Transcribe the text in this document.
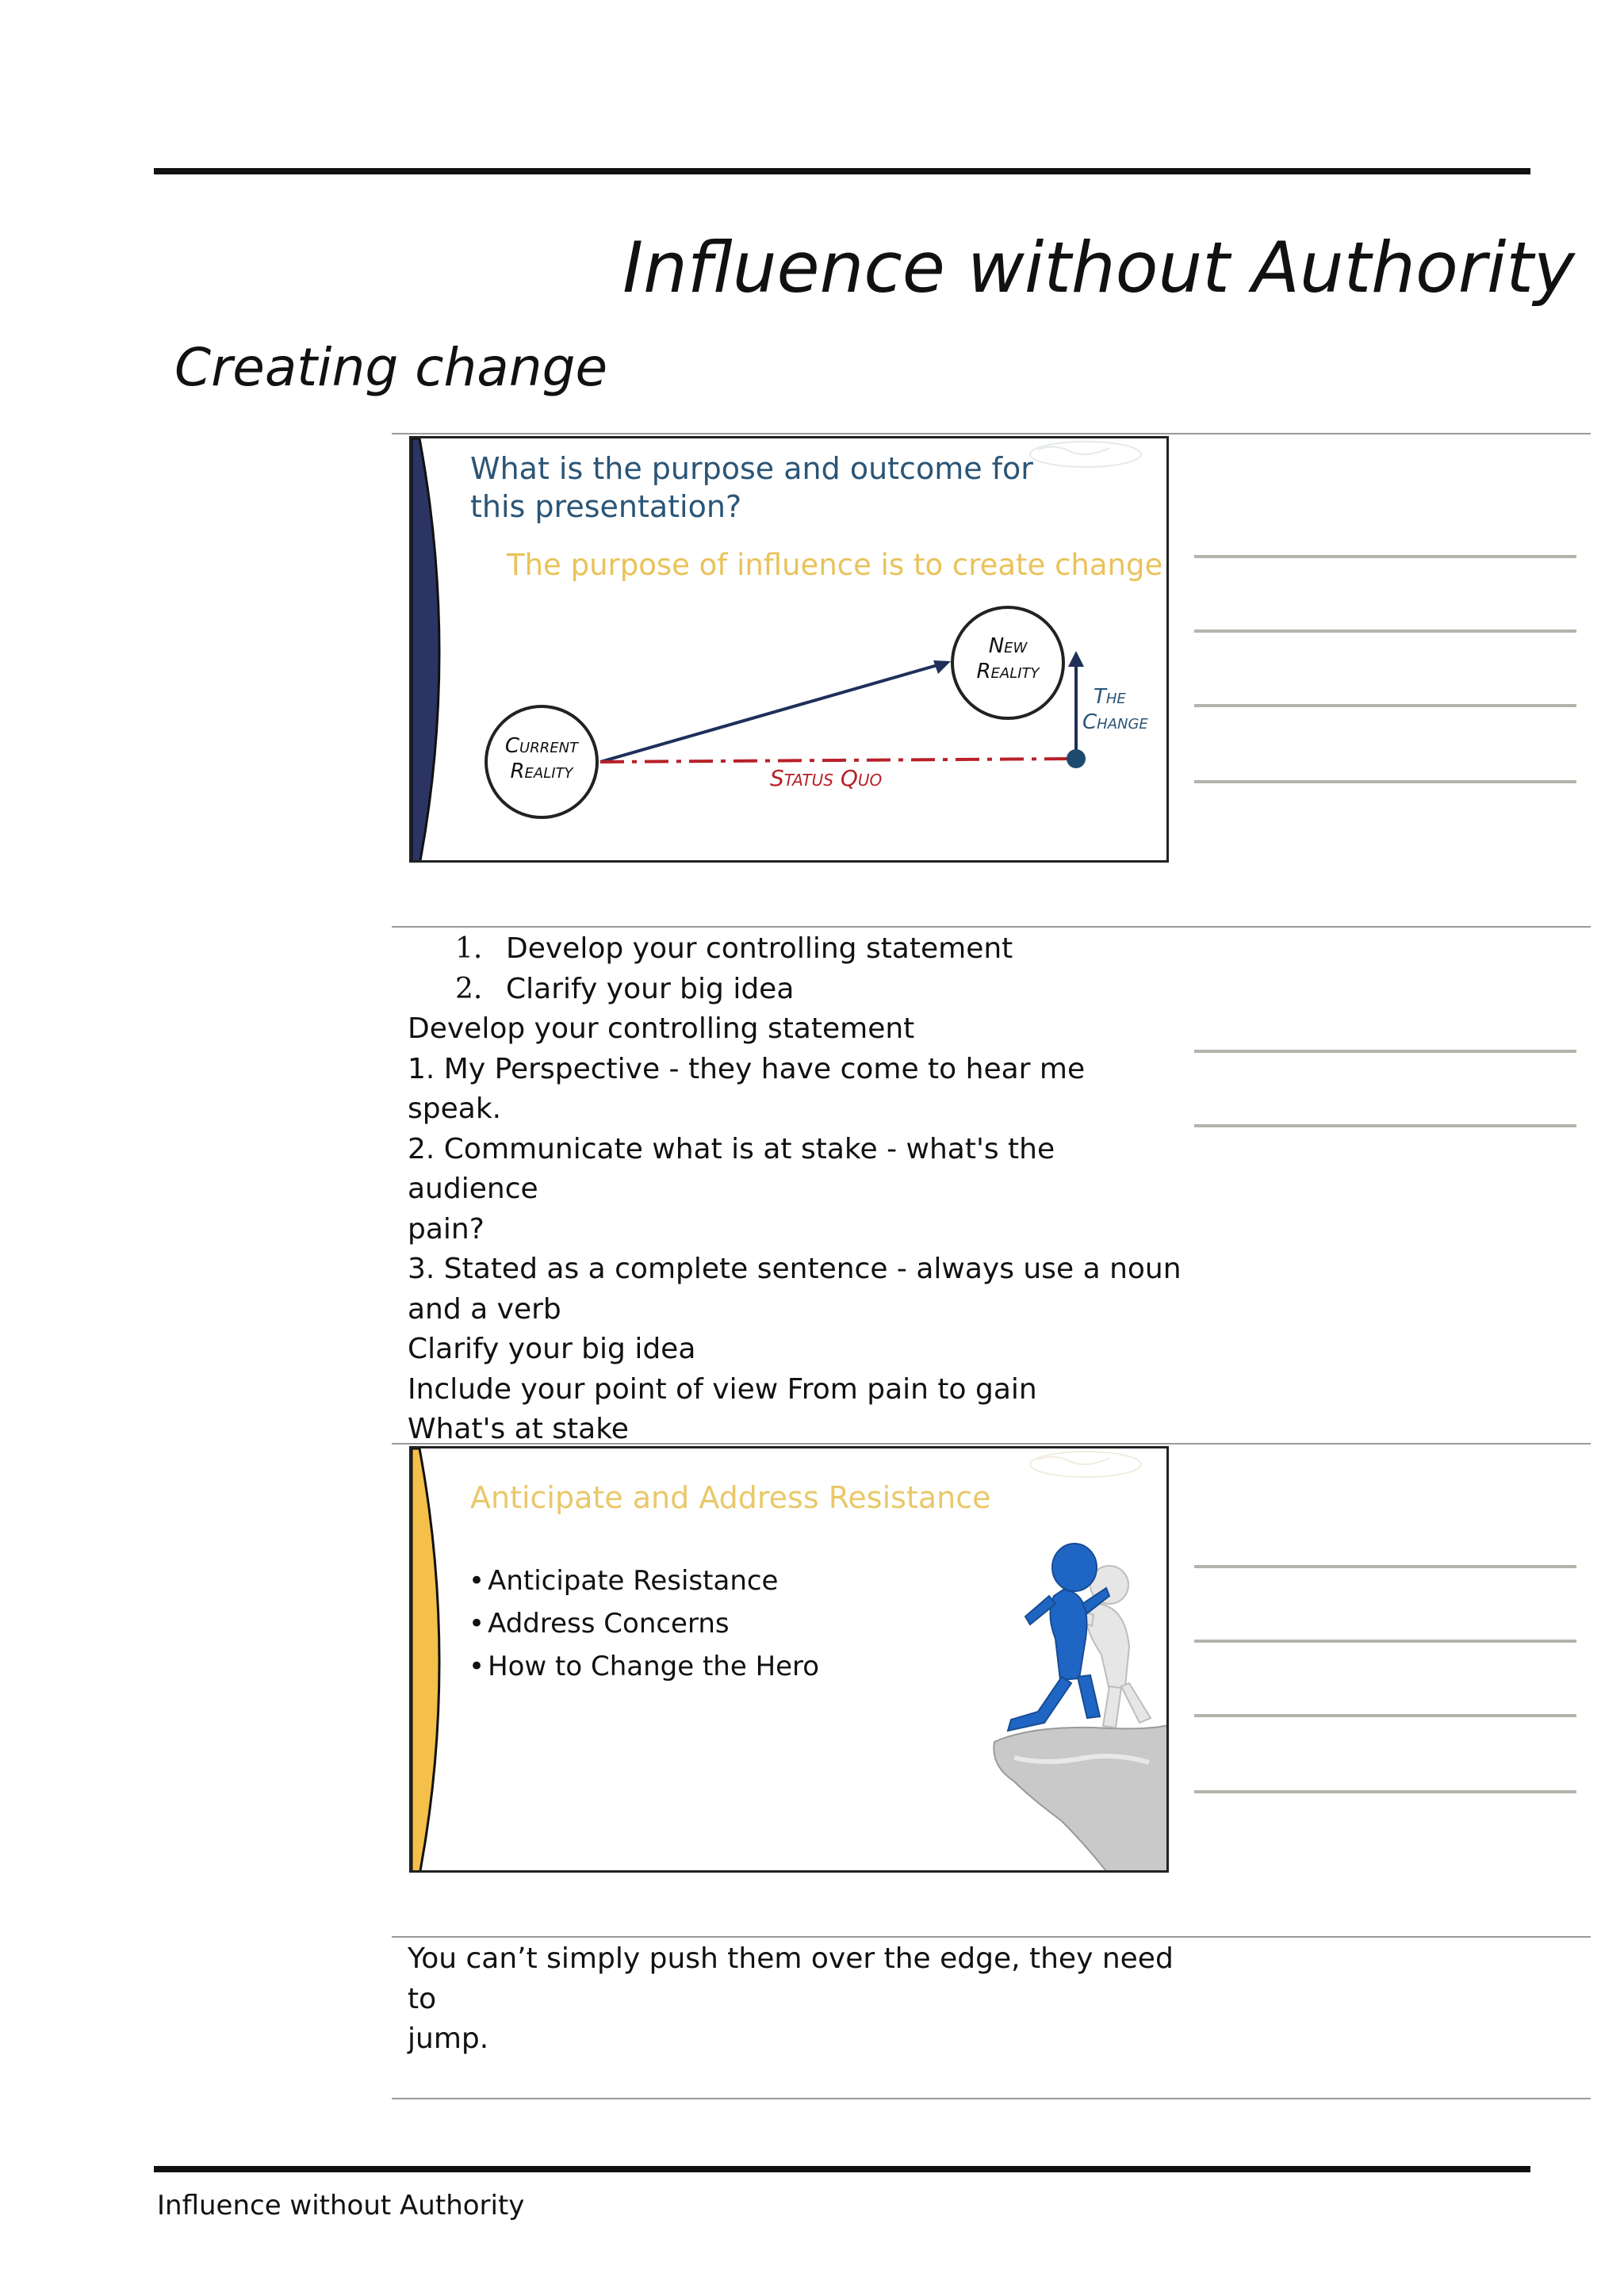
Influence without Authority
Creating change
What is the purpose and outcome for this presentation?
The purpose of influence is to create change
Current
Reality
New
Reality
The
Change
Status Quo
1. Develop your controlling statement
2. Clarify your big idea

Develop your controlling statement

1. My Perspective - they have come to hear me speak.

2. Communicate what is at stake - what's the audience

pain?

3. Stated as a complete sentence - always use a noun

and a verb

Clarify your big idea

Include your point of view From pain to gain

What's at stake

Anticipate and Address Resistance
• Anticipate Resistance
• Address Concerns
• How to Change the Hero

You can’t simply push them over the edge, they need to

jump.

Influence without Authority
